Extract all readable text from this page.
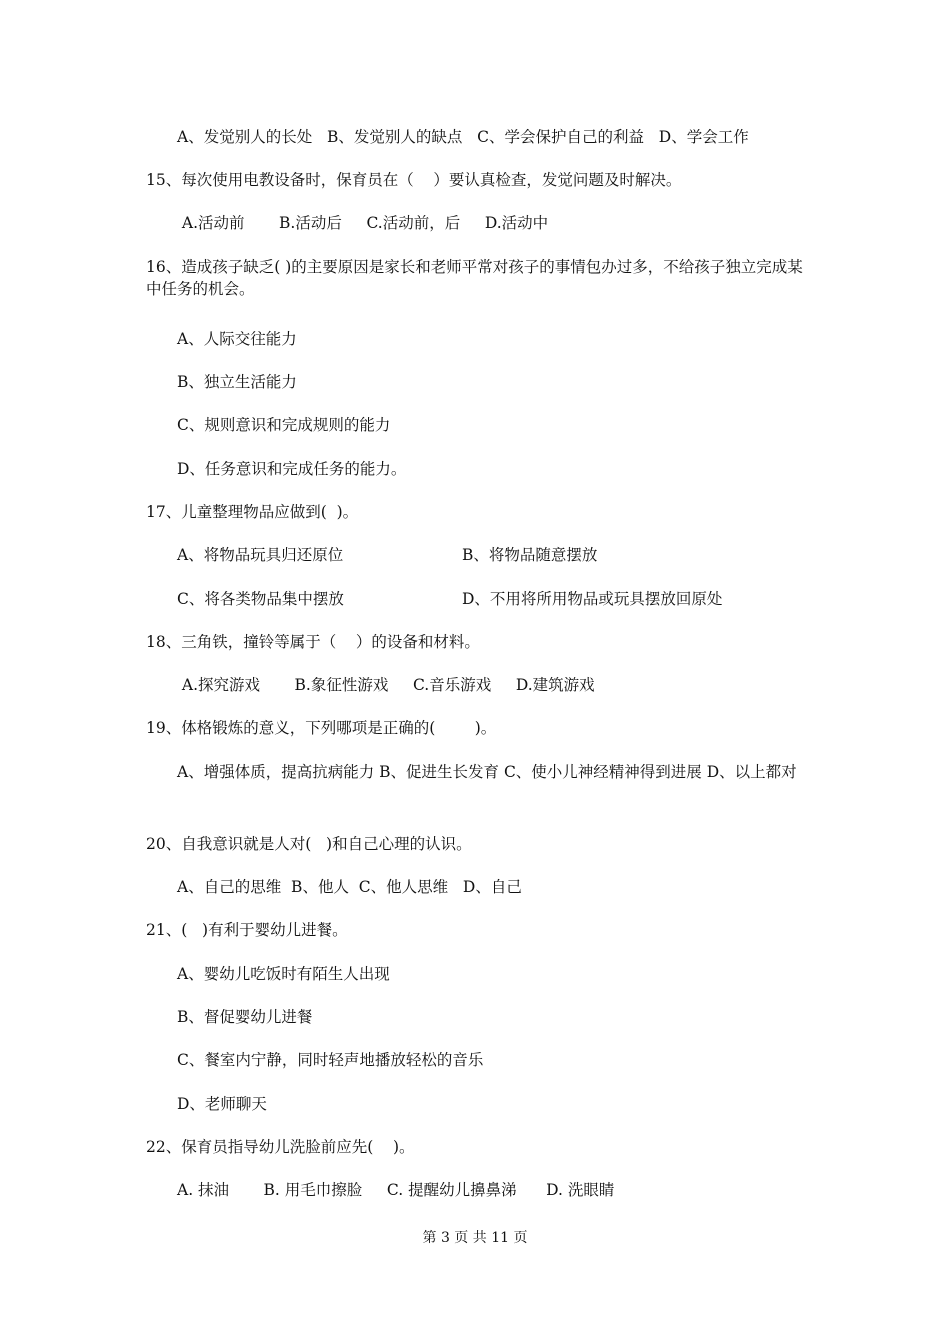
A、发觉别人的长处   B、发觉别人的缺点   C、学会保护自己的利益   D、学会工作
15、每次使用电教设备时，保育员在（    ）要认真检查，发觉问题及时解决。
A.活动前       B.活动后     C.活动前，后     D.活动中
16、造成孩子缺乏( )的主要原因是家长和老师平常对孩子的事情包办过多，不给孩子独立完成某中任务的机会。
A、人际交往能力
B、独立生活能力
C、规则意识和完成规则的能力
D、任务意识和完成任务的能力。
17、儿童整理物品应做到(  )。
A、将物品玩具归还原位	B、将物品随意摆放
C、将各类物品集中摆放	D、不用将所用物品或玩具摆放回原处
18、三角铁，撞铃等属于（    ）的设备和材料。
A.探究游戏       B.象征性游戏     C.音乐游戏     D.建筑游戏
19、体格锻炼的意义，下列哪项是正确的(        )。
A、增强体质，提高抗病能力 B、促进生长发育 C、使小儿神经精神得到进展 D、以上都对
20、自我意识就是人对(   )和自己心理的认识。
A、自己的思维  B、他人  C、他人思维   D、自己
21、(   )有利于婴幼儿进餐。
A、婴幼儿吃饭时有陌生人出现
B、督促婴幼儿进餐
C、餐室内宁静，同时轻声地播放轻松的音乐
D、老师聊天
22、保育员指导幼儿洗脸前应先(    )。
A. 抹油       B. 用毛巾擦脸     C. 提醒幼儿擤鼻涕      D. 洗眼睛
第 3 页 共 11 页
